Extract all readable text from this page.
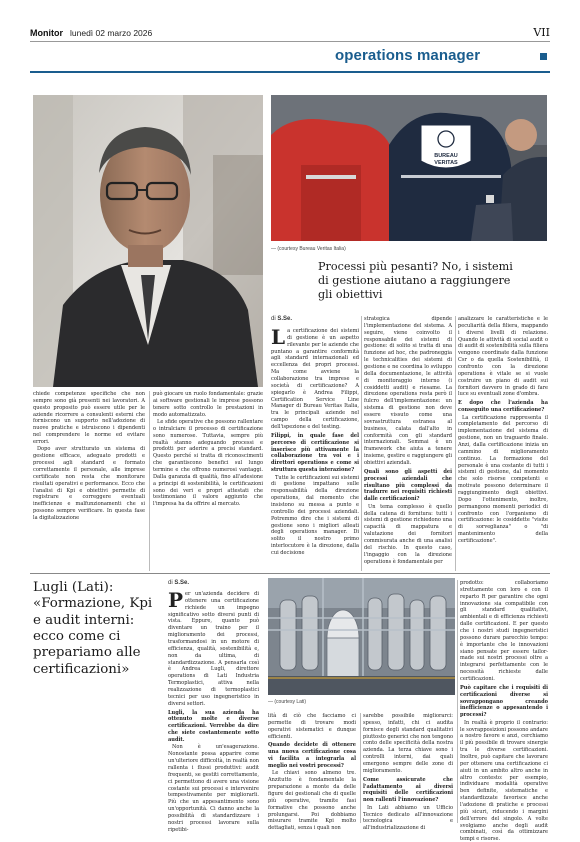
Monitor lunedì 02 marzo 2026	VII
operations manager
BUREAU
VERITAS
— (courtesy Bureau Veritas Italia)
Processi più pesanti? No, i sistemi di gestione aiutano a raggiungere gli obiettivi

chiede competenze specifiche che non sempre sono già presenti nei lavoratori. A questo proposito può essere utile per le aziende ricorrere a consulenti esterni che forniscono un supporto nell'adozione di nuove pratiche e istruiscono i dipendenti nel comprendere le norme ed evitare errori.

Dopo aver strutturato un sistema di gestione efficace, adeguato prodotti e processi agli standard e formato correttamente il personale, alle imprese certificate non resta che monitorare risultati operativi e performance. Ecco che l'analisi di Kpi e obiettivi permette di registrare e correggere eventuali inefficienze e malfunzionamenti che si possono sempre verificare. In questa fase la digitalizzazione

può giocare un ruolo fondamentale: grazie ai software gestionali le imprese possono tenere sotto controllo le prestazioni in modo automatizzato.

Le sfide operative che possono rallentare o intralciare il processo di certificazione sono numerose. Tuttavia, sempre più realtà stanno adeguando processi e prodotti per aderire a precisi standard. Questo perché si tratta di riconoscimenti che garantiscono benefici sul lungo termine e che offrono numerosi vantaggi. Dalla garanzia di qualità, fino all'adesione a principi di sostenibilità, le certificazioni sono dei veri e propri attestati che testimoniano il valore aggiunto che l'impresa ha da offrire al mercato.

di S.Se.

La certificazione dei sistemi di gestione è un aspetto rilevante per le aziende che puntano a garantire conformità agli standard internazionali ed eccellenza dei propri processi. Ma come avviene la collaborazione tra imprese e società di certificazione? A spiegarlo è Andrea Filippi, Certification Service Line Manager di Bureau Veritas Italia, tra le principali aziende nel campo della certificazione, dell'ispezione e del testing.

Filippi, in quale fase del percorso di certificazione si inserisce più attivamente la collaborazione tra voi e i direttori operations e come si struttura questa interazione?

Tutte le certificazioni sui sistemi di gestione impattano sulle responsabilità della direzione operations, dal momento che insistono su messa a punto e controllo dei processi aziendali. Potremmo dire che i sistemi di gestione sono i migliori alleati degli operations manager. Di solito il nostro primo interlocutore è la direzione, dalla cui decisione

strategica dipende l'implementazione del sistema. A seguire, viene coinvolto il responsabile dei sistemi di gestione: di solito si tratta di una funzione ad hoc, che padroneggia le technicalities dei sistemi di gestione e ne coordina lo sviluppo della documentazione, le attività di monitoraggio interno (i cosiddetti audit) e riesame. La direzione operations resta però il fulcro dell'implementazione: un sistema di gestione non deve essere vissuto come una sovrastruttura estranea al business, calata dall'alto in conformità con gli standard internazionali. Semmai è un framework che aiuta a tenere insieme, gestire e raggiungere gli obiettivi aziendali.

Quali sono gli aspetti dei processi aziendali che risultano più complessi da tradurre nei requisiti richiesti dalle certificazioni?

Un tema complesso è quello della catena di fornitura: tutti i sistemi di gestione richiedono una capacità di mappatura e valutazione dei fornitori commisurata anche di una analisi del rischio. In questo caso, l'ingaggio con la direzione operations è fondamentale per

analizzare le caratteristiche e le peculiarità della filiera, mappando i diversi livelli di relazione. Quando le attività di social audit o di audit di sostenibilità sulla filiera vengono coordinate dalla funzione Csr o da quella Sostenibilità, il confronto con la direzione operations è vitale se si vuole costruire un piano di audit sui fornitori davvero in grado di fare luce su eventuali zone d'ombra.

E dopo che l'azienda ha conseguito una certificazione?

La certificazione rappresenta il completamento del percorso di implementazione del sistema di gestione, non un traguardo finale. Anzi, dalla certificazione inizia un cammino di miglioramento continuo. La formazione del personale è una costante di tutti i sistemi di gestione, dal momento che solo risorse competenti e motivate possono determinare il raggiungimento degli obiettivi. Dopo l'ottenimento, inoltre, permangono momenti periodici di confronto con l'organismo di certificazione: le cosiddette "visite di sorveglianza" o "di mantenimento della certificazione".

Lugli (Lati): «Formazione, Kpi e audit interni: ecco come ci prepariamo alle certificazioni»
di S.Se.

Per un'azienda decidere di ottenere una certificazione richiede un impegno significativo sotto diversi punti di vista. Eppure, quanto può diventare un traino per il miglioramento dei processi, trasformandosi in un motore di efficienza, qualità, sostenibilità e, non da ultima, di standardizzazione. A pensarla così è Andrea Lugli, direttore operations di Lati Industria Termoplastici, attiva nella realizzazione di termoplastici tecnici per uso ingegneristico in diversi settori.

Lugli, la sua azienda ha ottenuto molte e diverse certificazioni. Verrebbe da dire che siete costantemente sotto audit.

Non è un'esagerazione. Nonostante possa apparire come un'ulteriore difficoltà, in realtà non rallenta i flussi produttivi: audit frequenti, se gestiti correttamente, ci permettono di avere una visione costante sui processi e intervenire tempestivamente per migliorarli. Più che un appesantimento sono un'opportunità. Ci danno anche la possibilità di standardizzare i nostri processi lavorare sulla ripetibi-

— (courtesy Lati)

lità di ciò che facciamo ci permette di trovare modi operativi sistematici e dunque efficienti.

Quando decidete di ottenere una nuova certificazione cosa vi facilita a integrarla al meglio nei vostri processi?

Le chiavi sono almeno tre. Anzitutto è fondamentale la preparazione a monte da delle figure dei gestionali che di quelle più operative, tramite fasi formative che possono anche prolungarsi. Poi dobbiamo misurare tramite Kpi molto dettagliati, senza i quali non

sarebbe possibile migliorarci: spesso, infatti, chi ci audita fornisce degli standard qualitativi piuttosto generici che non tengono conto delle specificità della nostra azienda. La terza chiave sono i controlli interni, dai quali emergono sempre delle zone di miglioramento.

Come assicurate che l'adattamento ai diversi requisiti delle certificazioni non rallenti l'innovazione?

In Lati abbiamo un Ufficio Tecnico dedicato all'innovazione tecnologica e all'industrializzazione di

prodotto: collaboriamo strettamente con loro e con il reparto R per garantire che ogni innovazione sia compatibile con gli standard qualitativi, ambientali e di efficienza richiesti dalle certificazioni. E per questo che i nostri studi ingegneristici possono durare parecchio tempo: è importante che le innovazioni siano pensate per essere tailor-made sui nostri processi oltre a integrarsi perfettamente con le necessità richieste dalle certificazioni.

Può capitare che i requisiti di certificazioni diverse si sovrappongano creando inefficienze o appesantendo i processi?

In realtà è proprio il contrario: le sovrapposizioni possono andare a nostro favore e anzi, cerchiamo il più possibile di trovare sinergie tra le diverse certificazioni. Inoltre, può capitare che lavorare per ottenere una certificazione ci aiuti in un ambito altro anche in altro contesto: per esempio, individuare modalità operative ben definite, sistematiche e standardizzate favorisce anche l'adozione di pratiche e processi più sicuri, riducendo i margini dell'errore del singolo. A volte svolgiamo anche degli audit combinati, così da ottimizzare tempi e risorse.
